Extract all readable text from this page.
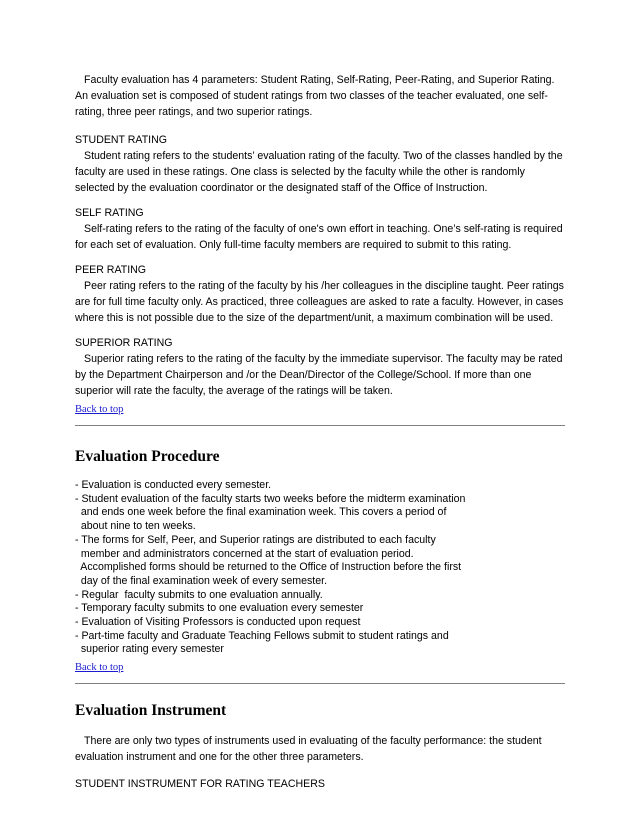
Faculty evaluation has 4 parameters: Student Rating, Self-Rating, Peer-Rating, and Superior Rating. An evaluation set is composed of student ratings from two classes of the teacher evaluated, one self-rating, three peer ratings, and two superior ratings.

STUDENT RATING

Student rating refers to the students’ evaluation rating of the faculty. Two of the classes handled by the faculty are used in these ratings. One class is selected by the faculty while the other is randomly selected by the evaluation coordinator or the designated staff of the Office of Instruction.

SELF RATING

Self-rating refers to the rating of the faculty of one's own effort in teaching. One’s self-rating is required for each set of evaluation. Only full-time faculty members are required to submit to this rating.

PEER RATING

Peer rating refers to the rating of the faculty by his /her colleagues in the discipline taught. Peer ratings are for full time faculty only. As practiced, three colleagues are asked to rate a faculty. However, in cases where this is not possible due to the size of the department/unit, a maximum combination will be used.

SUPERIOR RATING

Superior rating refers to the rating of the faculty by the immediate supervisor. The faculty may be rated by the Department Chairperson and /or the Dean/Director of the College/School. If more than one superior will rate the faculty, the average of the ratings will be taken.

Back to top
Evaluation Procedure

- Evaluation is conducted every semester.

- Student evaluation of the faculty starts two weeks before the midterm examination

and ends one week before the final examination week. This covers a period of

about nine to ten weeks.

- The forms for Self, Peer, and Superior ratings are distributed to each faculty

member and administrators concerned at the start of evaluation period.

Accomplished forms should be returned to the Office of Instruction before the first

day of the final examination week of every semester.

- Regular  faculty submits to one evaluation annually.

- Temporary faculty submits to one evaluation every semester

- Evaluation of Visiting Professors is conducted upon request

- Part-time faculty and Graduate Teaching Fellows submit to student ratings and

superior rating every semester

Back to top
Evaluation Instrument

There are only two types of instruments used in evaluating of the faculty performance: the student evaluation instrument and one for the other three parameters.

STUDENT INSTRUMENT FOR RATING TEACHERS
